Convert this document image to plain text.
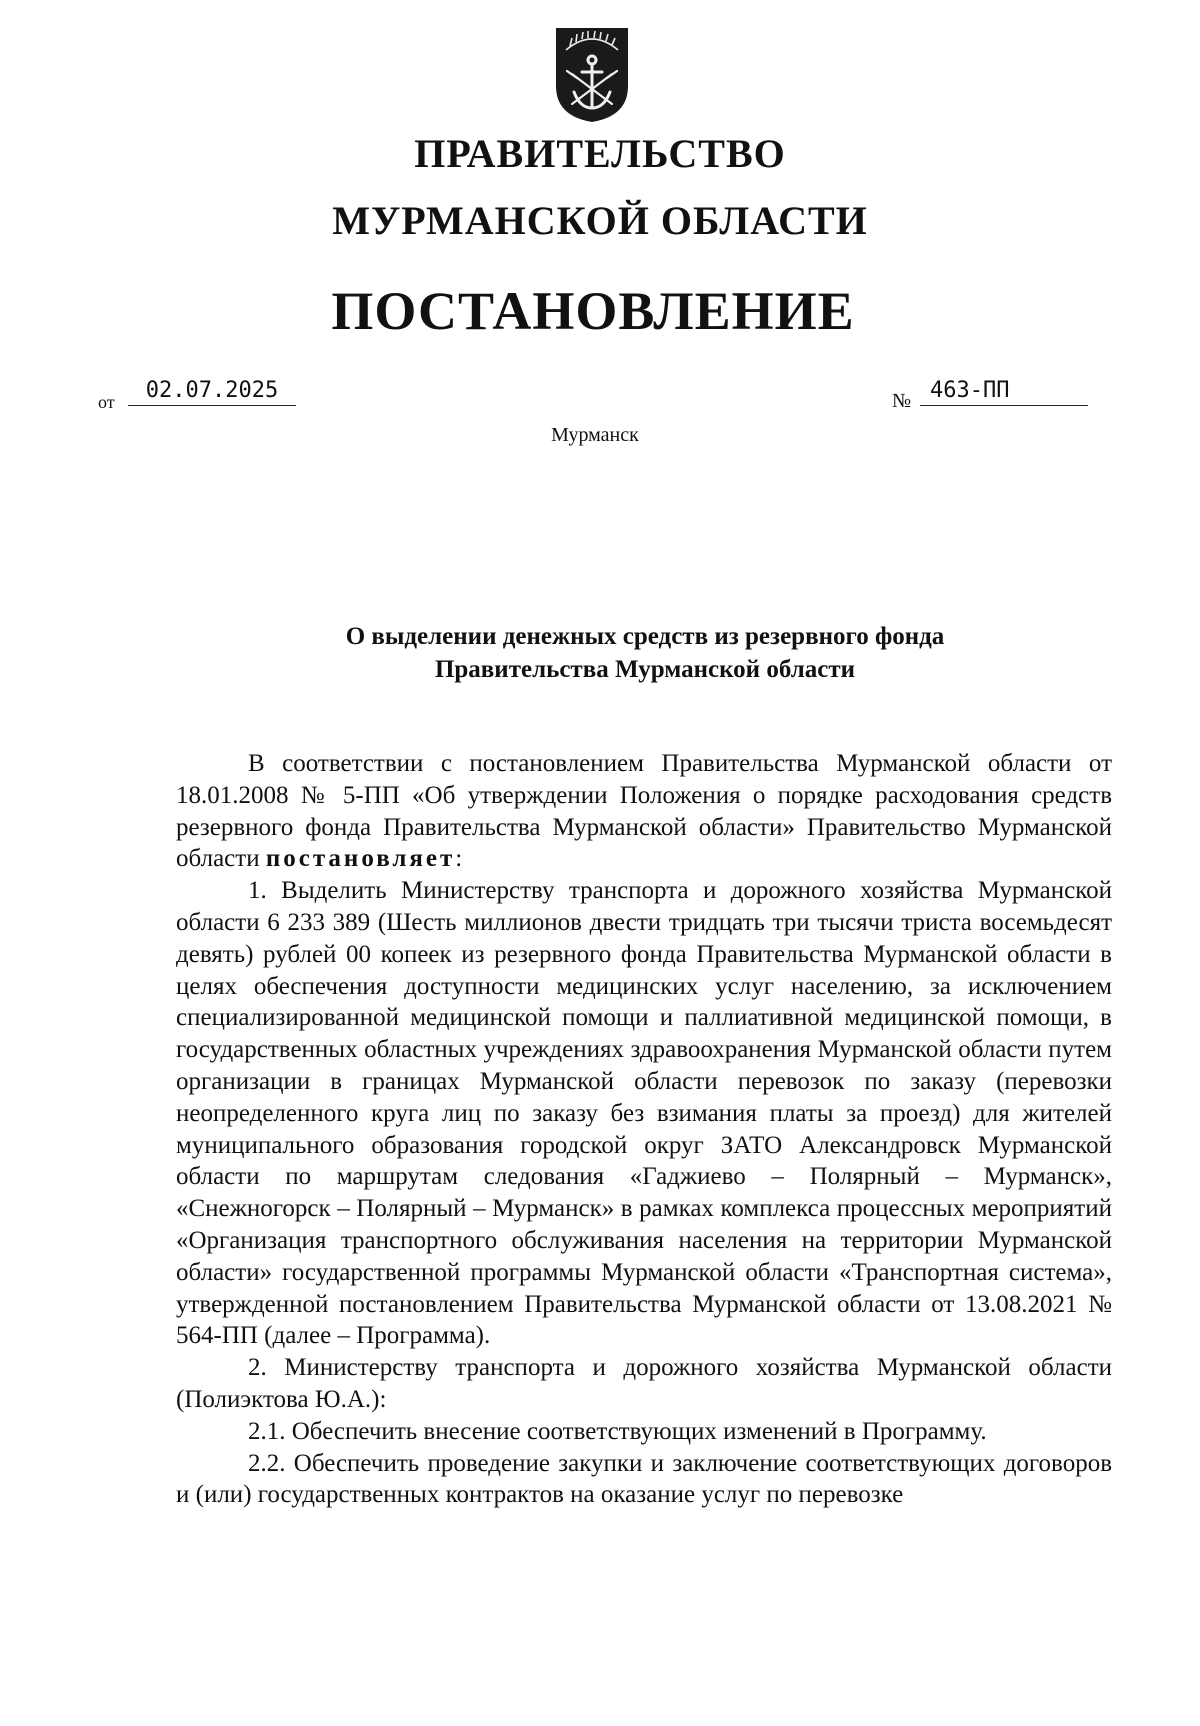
ПРАВИТЕЛЬСТВО
МУРМАНСКОЙ ОБЛАСТИ
ПОСТАНОВЛЕНИЕ
от	02.07.2025	№ 463-ПП
Мурманск
О выделении денежных средств из резервного фонда
Правительства Мурманской области

В соответствии с постановлением Правительства Мурманской области от 18.01.2008 № 5-ПП «Об утверждении Положения о порядке расходования средств резервного фонда Правительства Мурманской области» Правительство Мурманской области постановляет:

1. Выделить Министерству транспорта и дорожного хозяйства Мурманской области 6 233 389 (Шесть миллионов двести тридцать три тысячи триста восемьдесят девять) рублей 00 копеек из резервного фонда Правительства Мурманской области в целях обеспечения доступности медицинских услуг населению, за исключением специализированной медицинской помощи и паллиативной медицинской помощи, в государственных областных учреждениях здравоохранения Мурманской области путем организации в границах Мурманской области перевозок по заказу (перевозки неопределенного круга лиц по заказу без взимания платы за проезд) для жителей муниципального образования городской округ ЗАТО Александровск Мурманской области по маршрутам следования «Гаджиево – Полярный – Мурманск», «Снежногорск – Полярный – Мурманск» в рамках комплекса процессных мероприятий «Организация транспортного обслуживания населения на территории Мурманской области» государственной программы Мурманской области «Транспортная система», утвержденной постановлением Правительства Мурманской области от 13.08.2021 № 564-ПП (далее – Программа).

2. Министерству транспорта и дорожного хозяйства Мурманской области (Полиэктова Ю.А.):

2.1. Обеспечить внесение соответствующих изменений в Программу.

2.2. Обеспечить проведение закупки и заключение соответствующих договоров и (или) государственных контрактов на оказание услуг по перевозке
